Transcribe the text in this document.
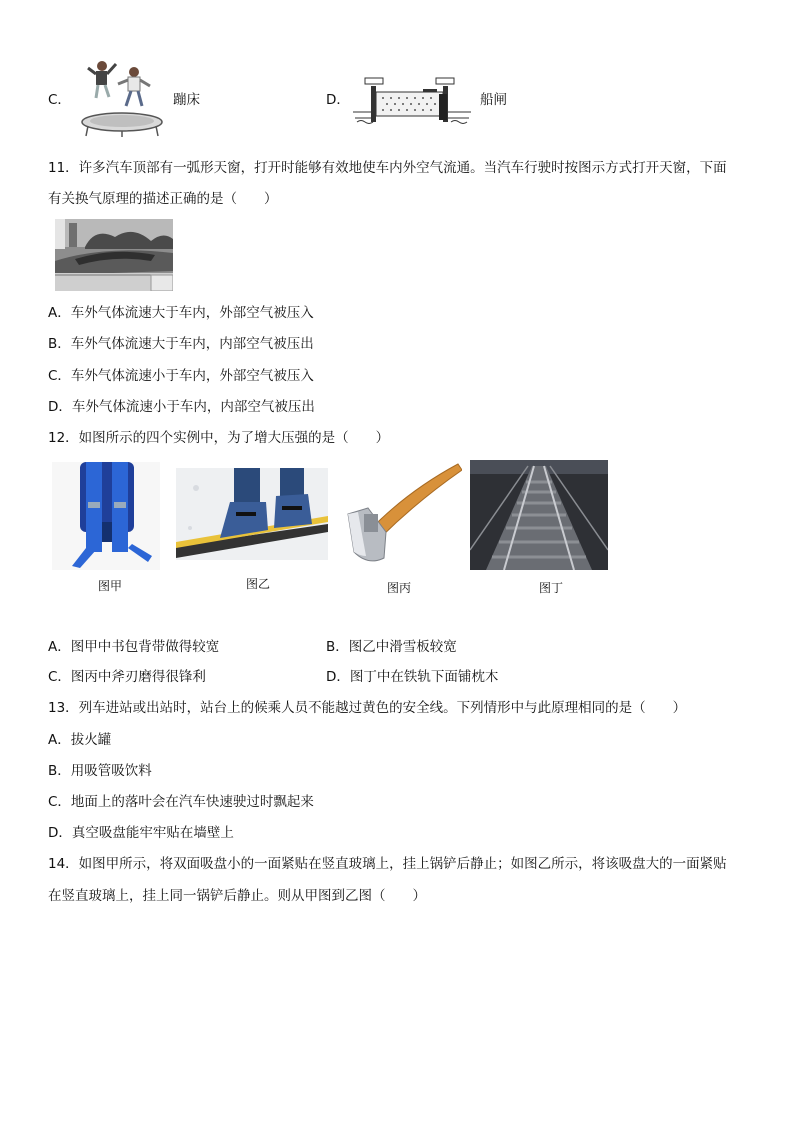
C．	蹦床	D．	船闸
11．许多汽车顶部有一弧形天窗，打开时能够有效地使车内外空气流通。当汽车行驶时按图示方式打开天窗，下面
有关换气原理的描述正确的是（　　）
A．车外气体流速大于车内，外部空气被压入
B．车外气体流速大于车内，内部空气被压出
C．车外气体流速小于车内，外部空气被压入
D．车外气体流速小于车内，内部空气被压出
12．如图所示的四个实例中，为了增大压强的是（　　）
图甲	图乙	图丙	图丁
A．图甲中书包背带做得较宽	B．图乙中滑雪板较宽
C．图丙中斧刃磨得很锋利	D．图丁中在铁轨下面铺枕木
13．列车进站或出站时，站台上的候乘人员不能越过黄色的安全线。下列情形中与此原理相同的是（　　）
A．拔火罐
B．用吸管吸饮料
C．地面上的落叶会在汽车快速驶过时飘起来
D．真空吸盘能牢牢贴在墙壁上
14．如图甲所示，将双面吸盘小的一面紧贴在竖直玻璃上，挂上锅铲后静止；如图乙所示，将该吸盘大的一面紧贴
在竖直玻璃上，挂上同一锅铲后静止。则从甲图到乙图（　　）
